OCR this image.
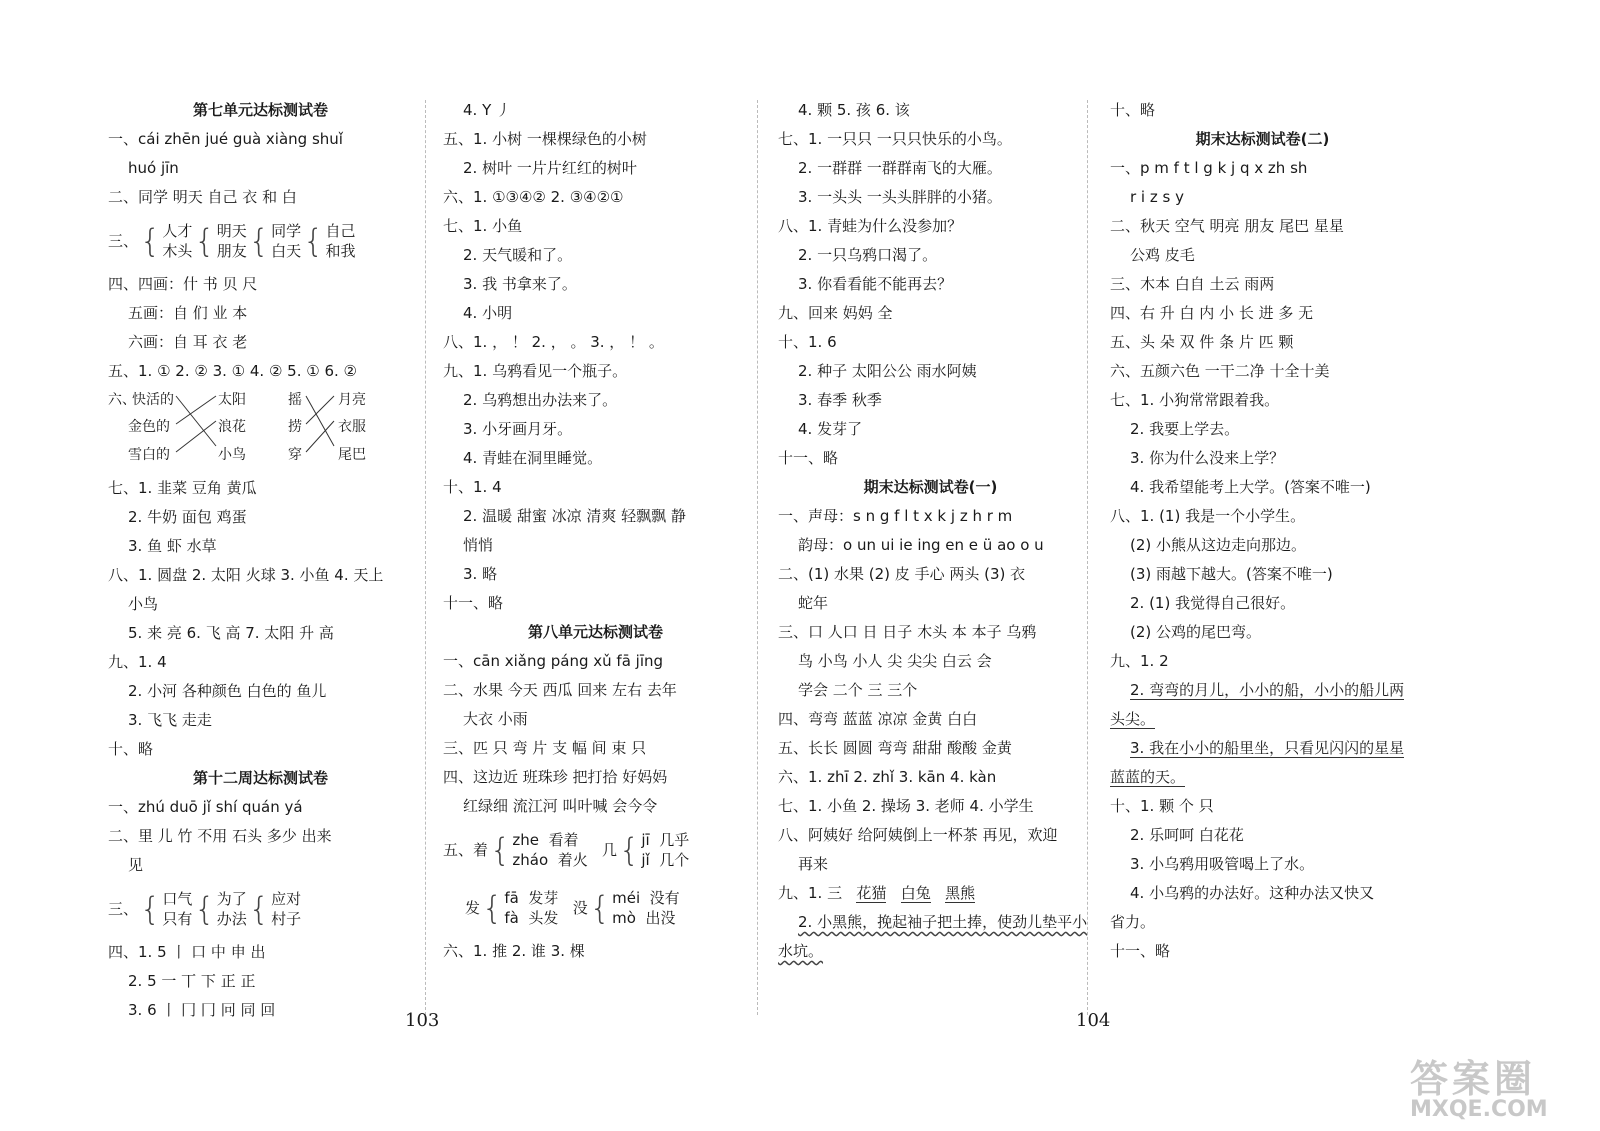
第七单元达标测试卷
一、cái zhēn jué guà xiàng shuǐ
huó jīn
二、同学 明天 自己 衣 和 白
三、 { 人才
木头 { 明天
朋友 { 同学
白天 { 自己
和我
四、四画：什 书 贝 尺
五画：自 们 业 本
六画：自 耳 衣 老
五、1. ① 2. ② 3. ① 4. ② 5. ① 6. ②
六、
快活的
金色的
雪白的
太阳
浪花
小鸟
摇
捞
穿
月亮
衣服
尾巴
七、1. 韭菜 豆角 黄瓜
2. 牛奶 面包 鸡蛋
3. 鱼 虾 水草
八、1. 圆盘 2. 太阳 火球 3. 小鱼 4. 天上
小鸟
5. 来 亮 6. 飞 高 7. 太阳 升 高
九、1. 4
2. 小河 各种颜色 白色的 鱼儿
3. 飞飞 走走
十、略
第十二周达标测试卷
一、zhú duō jǐ shí quán yá
二、里 儿 竹 不用 石头 多少 出来
见
三、 { 口气
只有 { 为了
办法 { 应对
村子
四、1. 5 丨 口 中 申 出
2. 5 一 丅 下 正 正
3. 6 丨 冂 冂 冋 同 回
4. Y 丿
五、1. 小树 一棵棵绿色的小树
2. 树叶 一片片红红的树叶
六、1. ①③④② 2. ③④②①
七、1. 小鱼
2. 天气暖和了。
3. 我 书拿来了。
4. 小明
八、1. ， ！ 2. ， 。 3. ， ！ 。
九、1. 乌鸦看见一个瓶子。
2. 乌鸦想出办法来了。
3. 小牙画月牙。
4. 青蛙在洞里睡觉。
十、1. 4
2. 温暖 甜蜜 冰凉 清爽 轻飘飘 静
悄悄
3. 略
十一、略
第八单元达标测试卷
一、cān xiǎng páng xǔ fā jīng
二、水果 今天 西瓜 回来 左右 去年
大衣 小雨
三、匹 只 弯 片 支 幅 间 束 只
四、这边近 班珠珍 把打拾 好妈妈
红绿细 流江河 叫叶喊 会今令
五、 着 { zhe 看着
zháo 着火

几 { jī 几乎
jǐ 几个
发 { fā 发芽
fà 头发

没 { méi 没有
mò 出没
六、1. 推 2. 谁 3. 棵
4. 颗 5. 孩 6. 该
七、1. 一只只 一只只快乐的小鸟。
2. 一群群 一群群南飞的大雁。
3. 一头头 一头头胖胖的小猪。
八、1. 青蛙为什么没参加？
2. 一只乌鸦口渴了。
3. 你看看能不能再去？
九、回来 妈妈 全
十、1. 6
2. 种子 太阳公公 雨水阿姨
3. 春季 秋季
4. 发芽了
十一、略
期末达标测试卷(一)
一、声母：s n g f l t x k j z h r m
韵母：o un ui ie ing en e ü ao o u
二、(1) 水果 (2) 皮 手心 两头 (3) 衣
蛇年
三、口 人口 日 日子 木头 本 本子 乌鸦
鸟 小鸟 小人 尖 尖尖 白云 会
学会 二个 三 三个
四、弯弯 蓝蓝 凉凉 金黄 白白
五、长长 圆圆 弯弯 甜甜 酸酸 金黄
六、1. zhī 2. zhǐ 3. kān 4. kàn
七、1. 小鱼 2. 操场 3. 老师 4. 小学生
八、阿姨好 给阿姨倒上一杯茶 再见，欢迎
再来
九、1. 三 花猫 白兔 黑熊
2. 小黑熊，挽起袖子把土捧，使劲儿垫平小
水坑。
十、略
期末达标测试卷(二)
一、p m f t l g k j q x zh sh
r i z s y
二、秋天 空气 明亮 朋友 尾巴 星星
公鸡 皮毛
三、木本 白自 土云 雨两
四、右 升 白 内 小 长 进 多 无
五、头 朵 双 件 条 片 匹 颗
六、五颜六色 一干二净 十全十美
七、1. 小狗常常跟着我。
2. 我要上学去。
3. 你为什么没来上学？
4. 我希望能考上大学。(答案不唯一)
八、1. (1) 我是一个小学生。
(2) 小熊从这边走向那边。
(3) 雨越下越大。(答案不唯一)
2. (1) 我觉得自己很好。
(2) 公鸡的尾巴弯。
九、1. 2
2. 弯弯的月儿，小小的船，小小的船儿两
头尖。
3. 我在小小的船里坐，只看见闪闪的星星
蓝蓝的天。
十、1. 颗 个 只
2. 乐呵呵 白花花
3. 小乌鸦用吸管喝上了水。
4. 小乌鸦的办法好。这种办法又快又
省力。
十一、略
103	104
答案圈
MXQE.COM
